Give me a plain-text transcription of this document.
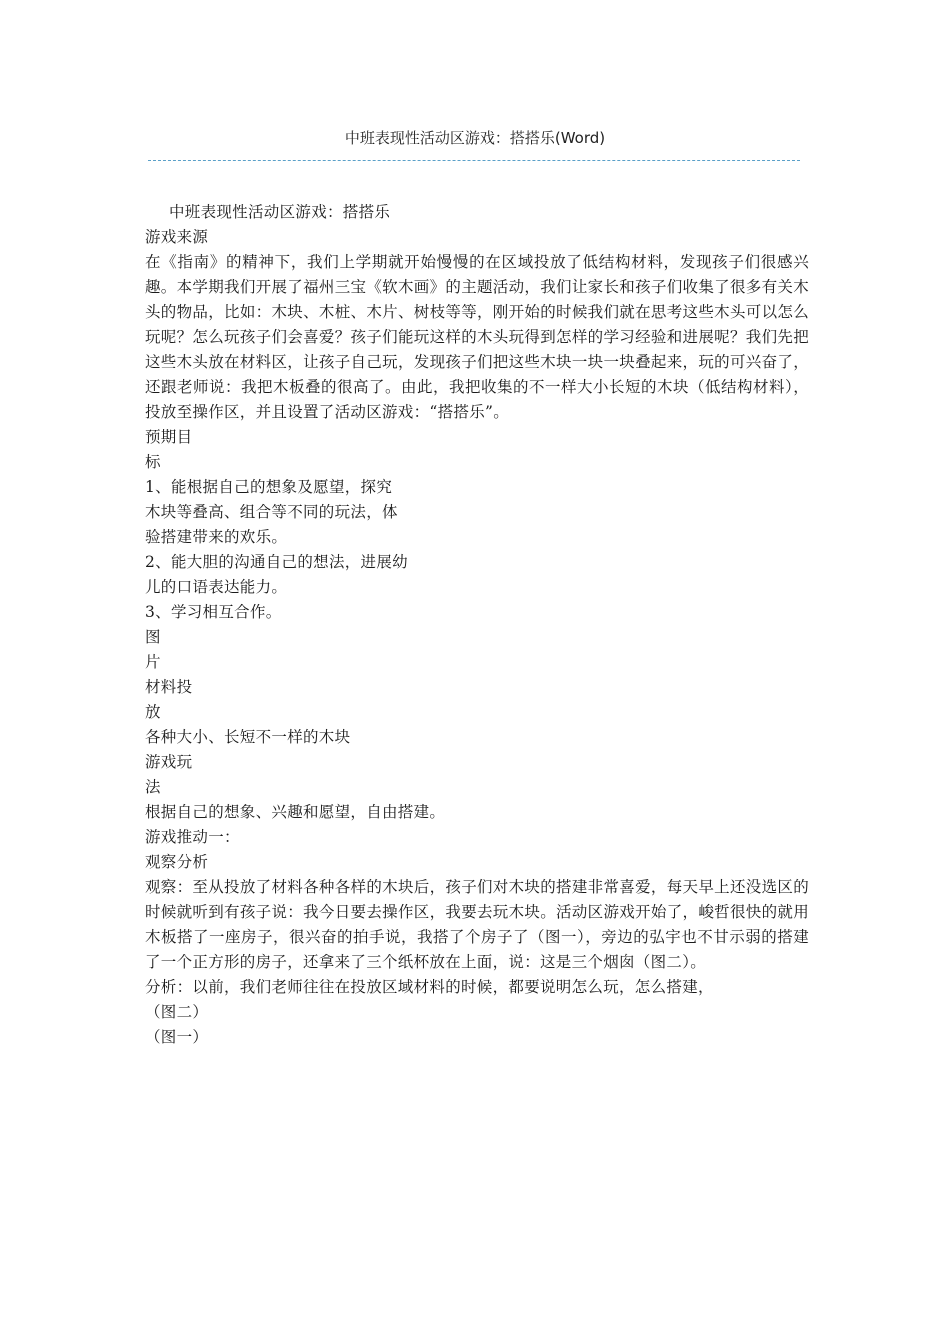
中班表现性活动区游戏：搭搭乐(Word)

中班表现性活动区游戏：搭搭乐

游戏来源

在《指南》的精神下，我们上学期就开始慢慢的在区域投放了低结构材料，发现孩子们很感兴趣。本学期我们开展了福州三宝《软木画》的主题活动，我们让家长和孩子们收集了很多有关木头的物品，比如：木块、木桩、木片、树枝等等，刚开始的时候我们就在思考这些木头可以怎么玩呢？怎么玩孩子们会喜爱？孩子们能玩这样的木头玩得到怎样的学习经验和进展呢？我们先把这些木头放在材料区，让孩子自己玩，发现孩子们把这些木块一块一块叠起来，玩的可兴奋了，还跟老师说：我把木板叠的很高了。由此，我把收集的不一样大小长短的木块（低结构材料），投放至操作区，并且设置了活动区游戏：“搭搭乐”。

预期目

标

1、能根据自己的想象及愿望，探究

木块等叠高、组合等不同的玩法，体

验搭建带来的欢乐。

2、能大胆的沟通自己的想法，进展幼

儿的口语表达能力。

3、学习相互合作。

图

片

材料投

放

各种大小、长短不一样的木块

游戏玩

法

根据自己的想象、兴趣和愿望，自由搭建。

游戏推动一：

观察分析

观察：至从投放了材料各种各样的木块后，孩子们对木块的搭建非常喜爱，每天早上还没选区的时候就听到有孩子说：我今日要去操作区，我要去玩木块。活动区游戏开始了，峻哲很快的就用木板搭了一座房子，很兴奋的拍手说，我搭了个房子了（图一），旁边的弘宇也不甘示弱的搭建了一个正方形的房子，还拿来了三个纸杯放在上面，说：这是三个烟囱（图二）。

分析：以前，我们老师往往在投放区域材料的时候，都要说明怎么玩，怎么搭建，

（图二）

（图一）
